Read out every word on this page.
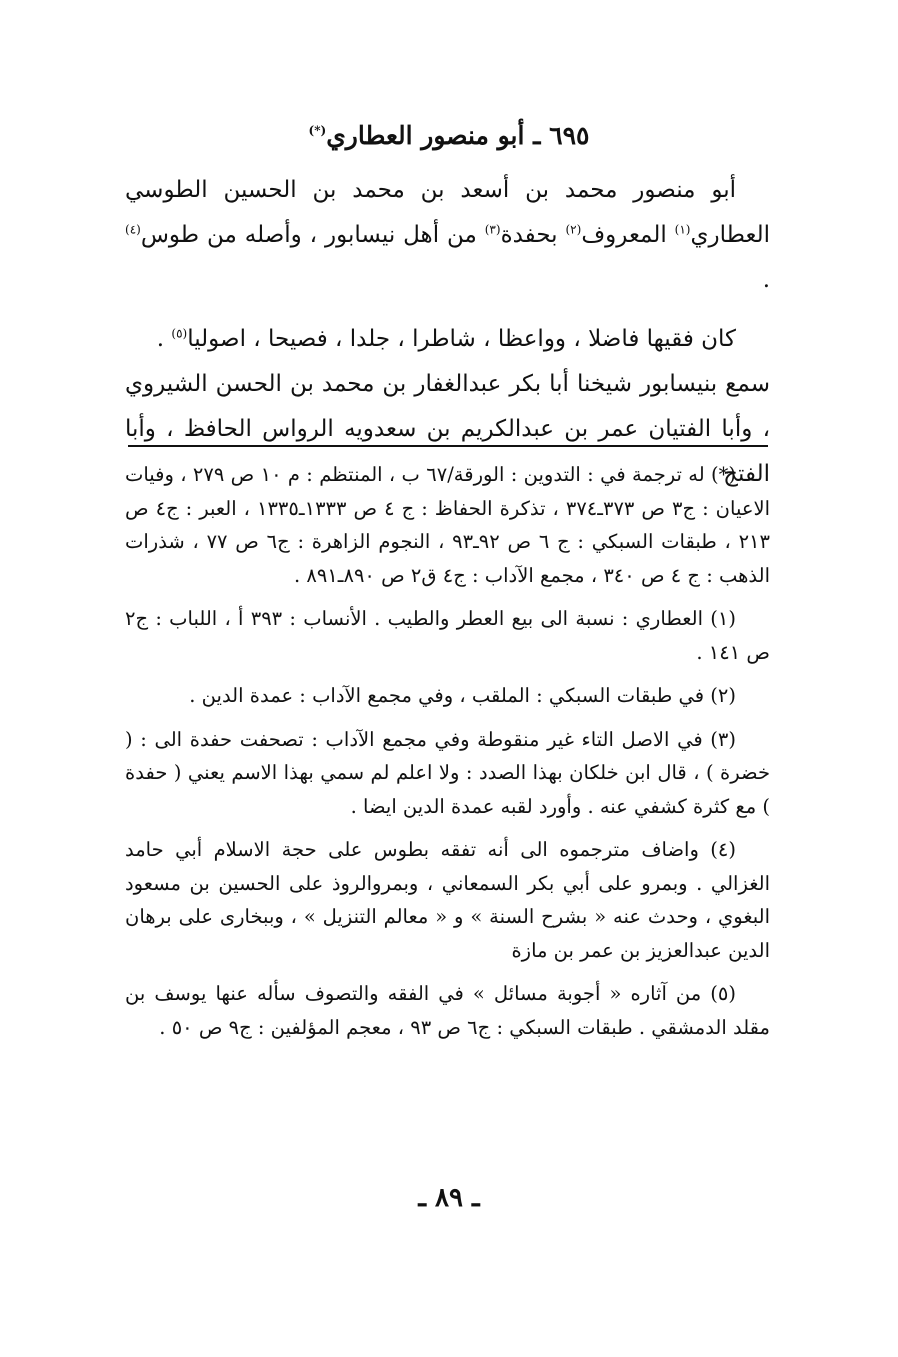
٦٩٥ ـ أبو منصور العطاري(*)

أبو منصور محمد بن أسعد بن محمد بن الحسين الطوسي العطاري$^{(١)}$ المعروف$^{(٢)}$ بحفدة$^{(٣)}$ من أهل نيسابور ، وأصله من طوس$^{(٤)}$ .

كان فقيها فاضلا ، وواعظا ، شاطرا ، جلدا ، فصيحا ، اصوليا$^{(٥)}$ .

سمع بنيسابور شيخنا أبا بكر عبدالغفار بن محمد بن الحسن الشيروي ، وأبا الفتيان عمر بن عبدالكريم بن سعدويه الرواس الحافظ ، وأبا الفتح

(*) له ترجمة في : التدوين : الورقة/٦٧ ب ، المنتظم : م ١٠ ص ٢٧٩ ، وفيات الاعيان : ج٣ ص ٣٧٣ـ٣٧٤ ، تذكرة الحفاظ : ج ٤ ص ١٣٣٣ـ١٣٣٥ ، العبر : ج٤ ص ٢١٣ ، طبقات السبكي : ج ٦ ص ٩٢ـ٩٣ ، النجوم الزاهرة : ج٦ ص ٧٧ ، شذرات الذهب : ج ٤ ص ٣٤٠ ، مجمع الآداب : ج٤ ق٢ ص ٨٩٠ـ٨٩١ .

(١) العطاري : نسبة الى بيع العطر والطيب . الأنساب : ٣٩٣ أ ، اللباب : ج٢ ص ١٤١ .

(٢) في طبقات السبكي : الملقب ، وفي مجمع الآداب : عمدة الدين .

(٣) في الاصل التاء غير منقوطة وفي مجمع الآداب : تصحفت حفدة الى : ( خضرة ) ، قال ابن خلكان بهذا الصدد : ولا اعلم لم سمي بهذا الاسم يعني ( حفدة ) مع كثرة كشفي عنه . وأورد لقبه عمدة الدين ايضا .

(٤) واضاف مترجموه الى أنه تفقه بطوس على حجة الاسلام أبي حامد الغزالي . وبمرو على أبي بكر السمعاني ، وبمروالروذ على الحسين بن مسعود البغوي ، وحدث عنه « بشرح السنة » و « معالم التنزيل » ، وببخارى على برهان الدين عبدالعزيز بن عمر بن مازة

(٥) من آثاره « أجوبة مسائل » في الفقه والتصوف سأله عنها يوسف بن مقلد الدمشقي . طبقات السبكي : ج٦ ص ٩٣ ، معجم المؤلفين : ج٩ ص ٥٠ .

ـ ٨٩ ـ
